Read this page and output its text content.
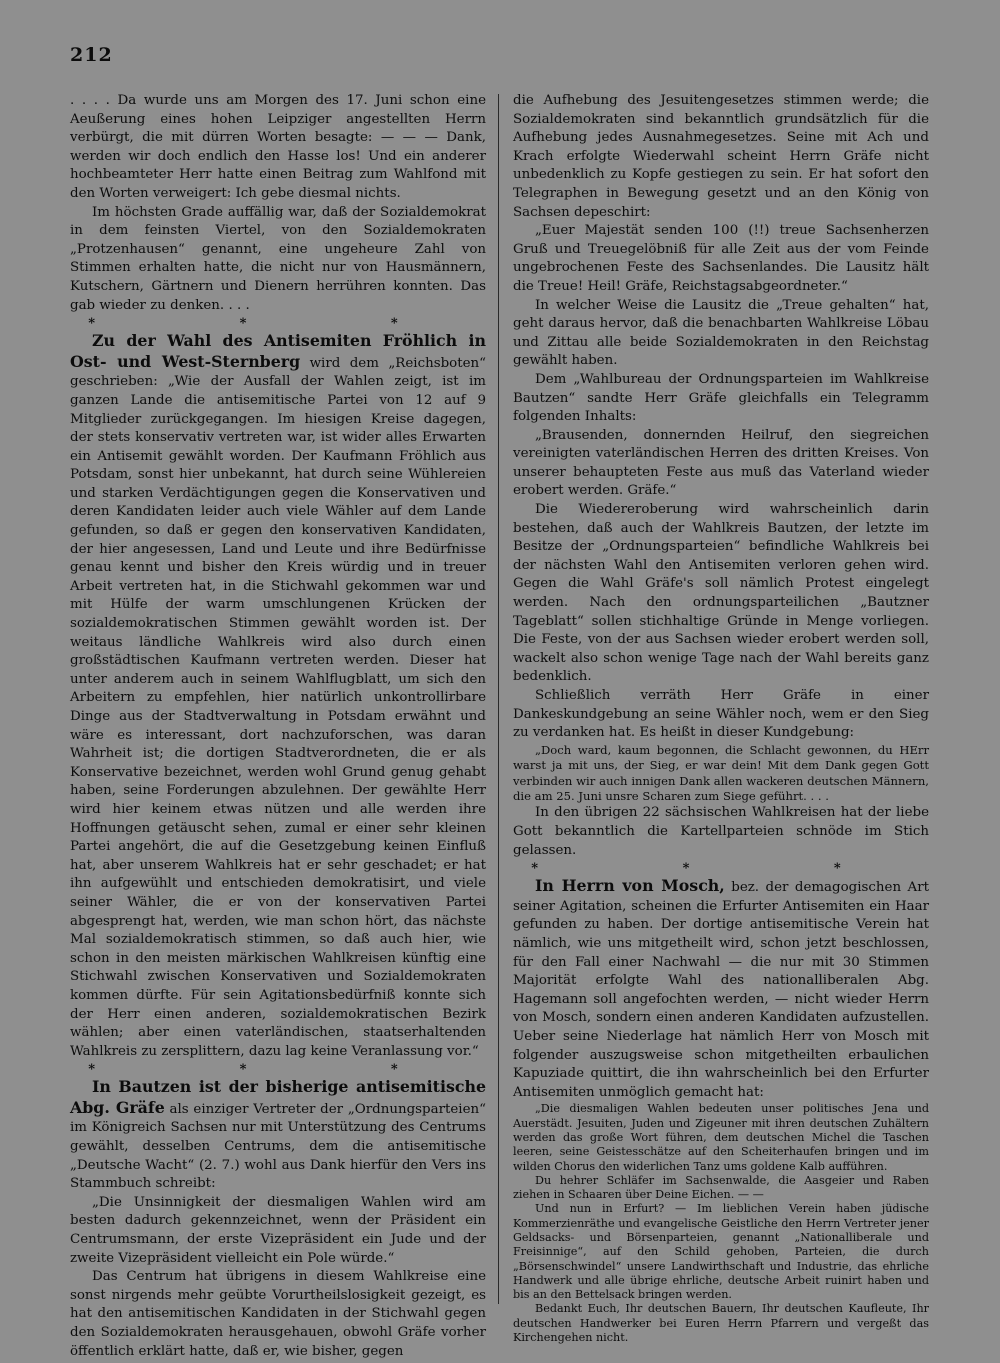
212

. . . . Da wurde uns am Morgen des 17. Juni schon eine Aeußerung eines hohen Leipziger angestellten Herrn verbürgt, die mit dürren Worten besagte: — — — Dank, werden wir doch endlich den Hasse los! Und ein anderer hochbeamteter Herr hatte einen Beitrag zum Wahlfond mit den Worten verweigert: Ich gebe diesmal nichts.

Im höchsten Grade auffällig war, daß der Sozialdemokrat in dem feinsten Viertel, von den Sozialdemokraten „Protzenhausen“ genannt, eine ungeheure Zahl von Stimmen erhalten hatte, die nicht nur von Hausmännern, Kutschern, Gärtnern und Dienern herrühren konnten. Das gab wieder zu denken. . . .

* * *

Zu der Wahl des Antisemiten Fröhlich in Ost- und West-Sternberg wird dem „Reichsboten“ geschrieben: „Wie der Ausfall der Wahlen zeigt, ist im ganzen Lande die antisemitische Partei von 12 auf 9 Mitglieder zurückgegangen. Im hiesigen Kreise dagegen, der stets konservativ vertreten war, ist wider alles Erwarten ein Antisemit gewählt worden. Der Kaufmann Fröhlich aus Potsdam, sonst hier unbekannt, hat durch seine Wühlereien und starken Verdächtigungen gegen die Konservativen und deren Kandidaten leider auch viele Wähler auf dem Lande gefunden, so daß er gegen den konservativen Kandidaten, der hier angesessen, Land und Leute und ihre Bedürfnisse genau kennt und bisher den Kreis würdig und in treuer Arbeit vertreten hat, in die Stichwahl gekommen war und mit Hülfe der warm umschlungenen Krücken der sozialdemokratischen Stimmen gewählt worden ist. Der weitaus ländliche Wahlkreis wird also durch einen großstädtischen Kaufmann vertreten werden. Dieser hat unter anderem auch in seinem Wahlflugblatt, um sich den Arbeitern zu empfehlen, hier natürlich unkontrollirbare Dinge aus der Stadtverwaltung in Potsdam erwähnt und wäre es interessant, dort nachzuforschen, was daran Wahrheit ist; die dortigen Stadtverordneten, die er als Konservative bezeichnet, werden wohl Grund genug gehabt haben, seine Forderungen abzulehnen. Der gewählte Herr wird hier keinem etwas nützen und alle werden ihre Hoffnungen getäuscht sehen, zumal er einer sehr kleinen Partei angehört, die auf die Gesetzgebung keinen Einfluß hat, aber unserem Wahlkreis hat er sehr geschadet; er hat ihn aufgewühlt und entschieden demokratisirt, und viele seiner Wähler, die er von der konservativen Partei abgesprengt hat, werden, wie man schon hört, das nächste Mal sozialdemokratisch stimmen, so daß auch hier, wie schon in den meisten märkischen Wahlkreisen künftig eine Stichwahl zwischen Konservativen und Sozialdemokraten kommen dürfte. Für sein Agitationsbedürfniß konnte sich der Herr einen anderen, sozialdemokratischen Bezirk wählen; aber einen vaterländischen, staatserhaltenden Wahlkreis zu zersplittern, dazu lag keine Veranlassung vor.“

* * *

In Bautzen ist der bisherige antisemitische Abg. Gräfe als einziger Vertreter der „Ordnungsparteien“ im Königreich Sachsen nur mit Unterstützung des Centrums gewählt, desselben Centrums, dem die antisemitische „Deutsche Wacht“ (2. 7.) wohl aus Dank hierfür den Vers ins Stammbuch schreibt:

„Die Unsinnigkeit der diesmaligen Wahlen wird am besten dadurch gekennzeichnet, wenn der Präsident ein Centrumsmann, der erste Vizepräsident ein Jude und der zweite Vizepräsident vielleicht ein Pole würde.“

Das Centrum hat übrigens in diesem Wahlkreise eine sonst nirgends mehr geübte Vorurtheilslosigkeit gezeigt, es hat den antisemitischen Kandidaten in der Stichwahl gegen den Sozialdemokraten herausgehauen, obwohl Gräfe vorher öffentlich erklärt hatte, daß er, wie bisher, gegen

die Aufhebung des Jesuitengesetzes stimmen werde; die Sozialdemokraten sind bekanntlich grundsätzlich für die Aufhebung jedes Ausnahmegesetzes. Seine mit Ach und Krach erfolgte Wiederwahl scheint Herrn Gräfe nicht unbedenklich zu Kopfe gestiegen zu sein. Er hat sofort den Telegraphen in Bewegung gesetzt und an den König von Sachsen depeschirt:

„Euer Majestät senden 100 (!!) treue Sachsenherzen Gruß und Treuegelöbniß für alle Zeit aus der vom Feinde ungebrochenen Feste des Sachsenlandes. Die Lausitz hält die Treue! Heil! Gräfe, Reichstagsabgeordneter.“

In welcher Weise die Lausitz die „Treue gehalten“ hat, geht daraus hervor, daß die benachbarten Wahlkreise Löbau und Zittau alle beide Sozialdemokraten in den Reichstag gewählt haben.

Dem „Wahlbureau der Ordnungsparteien im Wahlkreise Bautzen“ sandte Herr Gräfe gleichfalls ein Telegramm folgenden Inhalts:

„Brausenden, donnernden Heilruf, den siegreichen vereinigten vaterländischen Herren des dritten Kreises. Von unserer behaupteten Feste aus muß das Vaterland wieder erobert werden. Gräfe.“

Die Wiedereroberung wird wahrscheinlich darin bestehen, daß auch der Wahlkreis Bautzen, der letzte im Besitze der „Ordnungsparteien“ befindliche Wahlkreis bei der nächsten Wahl den Antisemiten verloren gehen wird. Gegen die Wahl Gräfe's soll nämlich Protest eingelegt werden. Nach den ordnungsparteilichen „Bautzner Tageblatt“ sollen stichhaltige Gründe in Menge vorliegen. Die Feste, von der aus Sachsen wieder erobert werden soll, wackelt also schon wenige Tage nach der Wahl bereits ganz bedenklich.

Schließlich verräth Herr Gräfe in einer Dankeskundgebung an seine Wähler noch, wem er den Sieg zu verdanken hat. Es heißt in dieser Kundgebung:

„Doch ward, kaum begonnen, die Schlacht gewonnen, du HErr warst ja mit uns, der Sieg, er war dein! Mit dem Dank gegen Gott verbinden wir auch innigen Dank allen wackeren deutschen Männern, die am 25. Juni unsre Scharen zum Siege geführt. . . .

In den übrigen 22 sächsischen Wahlkreisen hat der liebe Gott bekanntlich die Kartellparteien schnöde im Stich gelassen.

* * *

In Herrn von Mosch, bez. der demagogischen Art seiner Agitation, scheinen die Erfurter Antisemiten ein Haar gefunden zu haben. Der dortige antisemitische Verein hat nämlich, wie uns mitgetheilt wird, schon jetzt beschlossen, für den Fall einer Nachwahl — die nur mit 30 Stimmen Majorität erfolgte Wahl des nationalliberalen Abg. Hagemann soll angefochten werden, — nicht wieder Herrn von Mosch, sondern einen anderen Kandidaten aufzustellen. Ueber seine Niederlage hat nämlich Herr von Mosch mit folgender auszugsweise schon mitgetheilten erbaulichen Kapuziade quittirt, die ihn wahrscheinlich bei den Erfurter Antisemiten unmöglich gemacht hat:

„Die diesmaligen Wahlen bedeuten unser politisches Jena und Auerstädt. Jesuiten, Juden und Zigeuner mit ihren deutschen Zuhältern werden das große Wort führen, dem deutschen Michel die Taschen leeren, seine Geistesschätze auf den Scheiterhaufen bringen und im wilden Chorus den widerlichen Tanz ums goldene Kalb aufführen.

Du hehrer Schläfer im Sachsenwalde, die Aasgeier und Raben ziehen in Schaaren über Deine Eichen. — —

Und nun in Erfurt? — Im lieblichen Verein haben jüdische Kommerzienräthe und evangelische Geistliche den Herrn Vertreter jener Geldsacks- und Börsenparteien, genannt „Nationalliberale und Freisinnige“, auf den Schild gehoben, Parteien, die durch „Börsenschwindel“ unsere Landwirthschaft und Industrie, das ehrliche Handwerk und alle übrige ehrliche, deutsche Arbeit ruinirt haben und bis an den Bettelsack bringen werden.

Bedankt Euch, Ihr deutschen Bauern, Ihr deutschen Kaufleute, Ihr deutschen Handwerker bei Euren Herrn Pfarrern und vergeßt das Kirchengehen nicht.
